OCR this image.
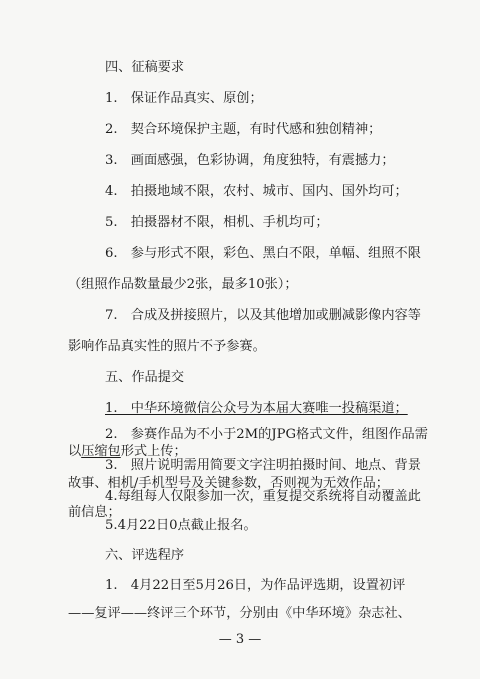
四、征稿要求
1.　保证作品真实、原创；
2.　契合环境保护主题，有时代感和独创精神；
3.　画面感强，色彩协调，角度独特，有震撼力；
4.　拍摄地域不限，农村、城市、国内、国外均可；
5.　拍摄器材不限，相机、手机均可；
6.　参与形式不限，彩色、黑白不限，单幅、组照不限
（组照作品数量最少2张，最多10张）；
7.　合成及拼接照片，以及其他增加或删减影像内容等
影响作品真实性的照片不予参赛。
五、作品提交
1.　中华环境微信公众号为本届大赛唯一投稿渠道；
2.　参赛作品为不小于2M的JPG格式文件，组图作品需
以压缩包形式上传；
3.　照片说明需用简要文字注明拍摄时间、地点、背景
故事、相机/手机型号及关键参数，否则视为无效作品；
4.每组每人仅限参加一次，重复提交系统将自动覆盖此
前信息；
5.4月22日0点截止报名。
六、评选程序
1.　4月22日至5月26日，为作品评选期，设置初评
——复评——终评三个环节，分别由《中华环境》杂志社、
— 3 —
